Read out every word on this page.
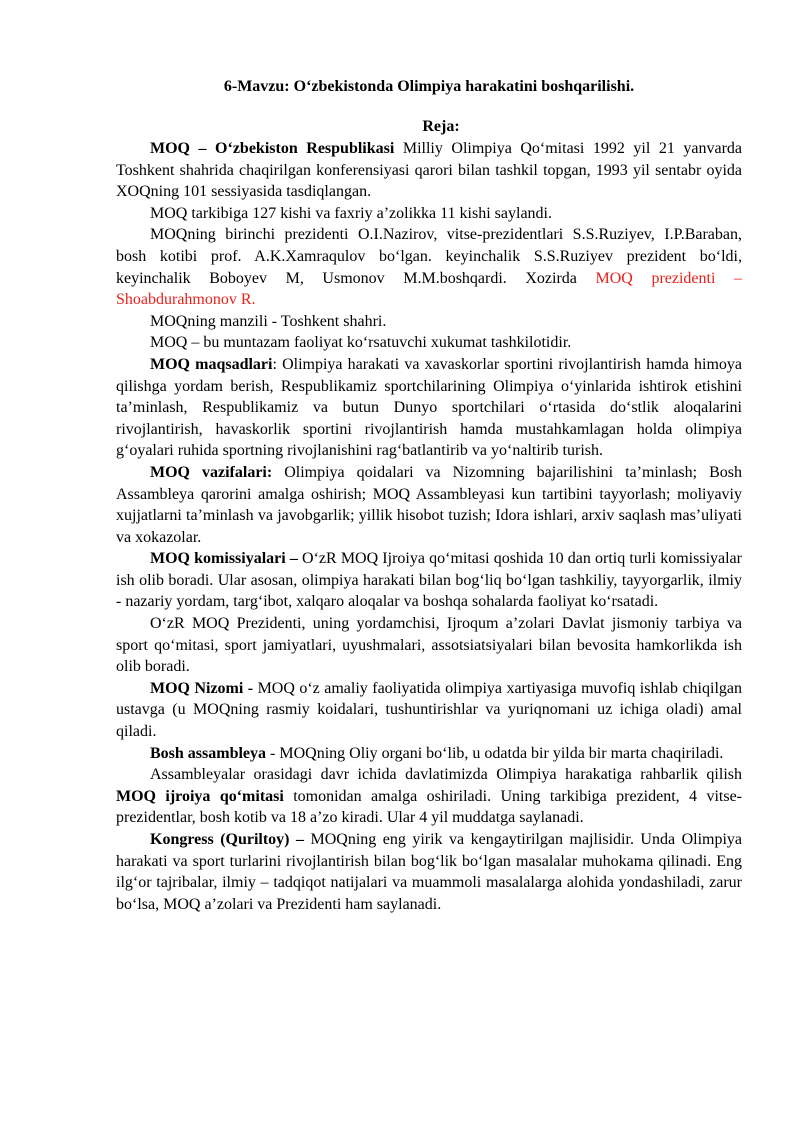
6-Mavzu: O‘zbekistonda Olimpiya harakatini boshqarilishi.

Reja:

MOQ – O‘zbekiston Respublikasi Milliy Olimpiya Qo‘mitasi 1992 yil 21 yanvarda Toshkent shahrida chaqirilgan konferensiyasi qarori bilan tashkil topgan, 1993 yil sentabr oyida XOQning 101 sessiyasida tasdiqlangan.

MOQ tarkibiga 127 kishi va faxriy a’zolikka 11 kishi saylandi.

MOQning birinchi prezidenti O.I.Nazirov, vitse-prezidentlari S.S.Ruziyev, I.P.Baraban, bosh kotibi prof. A.K.Xamraqulov bo‘lgan. keyinchalik S.S.Ruziyev prezident bo‘ldi, keyinchalik Boboyev M, Usmonov M.M.boshqardi. Xozirda MOQ prezidenti – Shoabdurahmonov R.

MOQning manzili - Toshkent shahri.

MOQ – bu muntazam faoliyat ko‘rsatuvchi xukumat tashkilotidir.

MOQ maqsadlari: Olimpiya harakati va xavaskorlar sportini rivojlantirish hamda himoya qilishga yordam berish, Respublikamiz sportchilarining Olimpiya o‘yinlarida ishtirok etishini ta’minlash, Respublikamiz va butun Dunyo sportchilari o‘rtasida do‘stlik aloqalarini rivojlantirish, havaskorlik sportini rivojlantirish hamda mustahkamlagan holda olimpiya g‘oyalari ruhida sportning rivojlanishini rag‘batlantirib va yo‘naltirib turish.

MOQ vazifalari: Olimpiya qoidalari va Nizomning bajarilishini ta’minlash; Bosh Assambleya qarorini amalga oshirish; MOQ Assambleyasi kun tartibini tayyorlash; moliyaviy xujjatlarni ta’minlash va javobgarlik; yillik hisobot tuzish; Idora ishlari, arxiv saqlash mas’uliyati va xokazolar.

MOQ komissiyalari – O‘zR MOQ Ijroiya qo‘mitasi qoshida 10 dan ortiq turli komissiyalar ish olib boradi. Ular asosan, olimpiya harakati bilan bog‘liq bo‘lgan tashkiliy, tayyorgarlik, ilmiy - nazariy yordam, targ‘ibot, xalqaro aloqalar va boshqa sohalarda faoliyat ko‘rsatadi.

O‘zR MOQ Prezidenti, uning yordamchisi, Ijroqum a’zolari Davlat jismoniy tarbiya va sport qo‘mitasi, sport jamiyatlari, uyushmalari, assotsiatsiyalari bilan bevosita hamkorlikda ish olib boradi.

MOQ Nizomi - MOQ o‘z amaliy faoliyatida olimpiya xartiyasiga muvofiq ishlab chiqilgan ustavga (u MOQning rasmiy koidalari, tushuntirishlar va yuriqnomani uz ichiga oladi) amal qiladi.

Bosh assambleya - MOQning Oliy organi bo‘lib, u odatda bir yilda bir marta chaqiriladi.

Assambleyalar orasidagi davr ichida davlatimizda Olimpiya harakatiga rahbarlik qilish MOQ ijroiya qo‘mitasi tomonidan amalga oshiriladi. Uning tarkibiga prezident, 4 vitse-prezidentlar, bosh kotib va 18 a’zo kiradi. Ular 4 yil muddatga saylanadi.

Kongress (Quriltoy) – MOQning eng yirik va kengaytirilgan majlisidir. Unda Olimpiya harakati va sport turlarini rivojlantirish bilan bog‘lik bo‘lgan masalalar muhokama qilinadi. Eng ilg‘or tajribalar, ilmiy – tadqiqot natijalari va muammoli masalalarga alohida yondashiladi, zarur bo‘lsa, MOQ a’zolari va Prezidenti ham saylanadi.
